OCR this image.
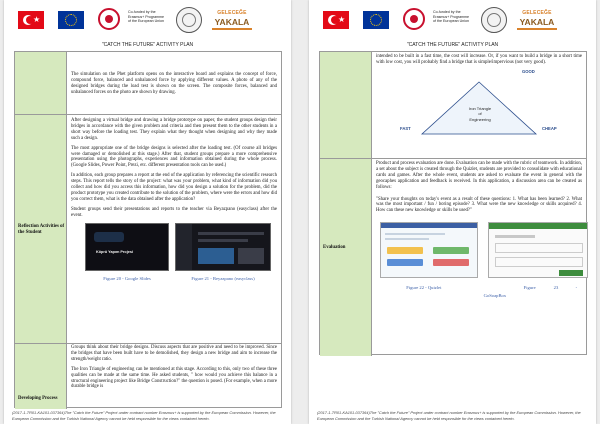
★
Co-funded by the Erasmus+ Programme of the European Union
GELECEĞE
YAKALA
"CATCH THE FUTURE" ACTIVITY PLAN

The simulation on the Phet platform opens on the interactive board and explains the concept of force, compound force, balanced and unbalanced force by applying different values. A photo of any of the designed bridges during the load test is shown on the screen. The composite forces, balanced and unbalanced forces on the photo are shown by drawing.

Reflection Activities of the Student

After designing a virtual bridge and drawing a bridge prototype on paper, the student groups design their bridges in accordance with the given problem and criteria and then present them to the other students in a short way before the loading test. They explain what they thought when designing and why they made such a design.

The most appropriate one of the bridge designs is selected after the loading test. (Of course all bridges were damaged or demolished at this stage.) After that, student groups prepare a more comprehensive presentation using the photographs, experiences and information obtained during the whole process. (Google Slides, Power Point, Prezi, etc. different presentation tools can be used.)

In addition, each group prepares a report at the end of the application by referencing the scientific research steps. This report tells the story of the project: what was your problem, what kind of information did you collect and how did you access this information, how did you design a solution for the problem, did the product prototype you created contribute to the solution of the problem, where were the errors and how did you correct them, what is the data obtained after the application?

Student groups send their presentations and reports to the teacher via Beyazpano (easyclass) after the event.

Köprü Yapım Projesi
Figure 20 - Google Slides	Figure 21 - Beyazpano (easyclass)
Developing Process

Groups think about their bridge designs. Discuss aspects that are positive and need to be improved. Since the bridges that have been built have to be demolished, they design a new bridge and aim to increase the strength/weight ratio.

The Iron Triangle of engineering can be mentioned at this stage. According to this, only two of these three qualities can be made at the same time. He asked students, " how would you achieve this balance in a structural engineering project like Bridge Construction?" the question is posed. (For example, when a more durable bridge is

(2017-1-TR01-KA101-037364)The "Catch the Future" Project under contract number Erasmus+ is supported by the European Commission. However, the European Commission and the Turkish National Agency cannot be held responsible for the views contained herein.
★
Co-funded by the Erasmus+ Programme of the European Union
GELECEĞE
YAKALA
"CATCH THE FUTURE" ACTIVITY PLAN

intended to be built in a fast time, the cost will increase. Or, if you want to build a bridge in a short time with low cost, you will probably find a bridge that is simple/impervious (not very good).

GOOD
FAST	CHEAP
Iron Triangle
of
Engineering
Evaluation

Product and process evaluation are done. Evaluation can be made with the rubric of teamwork. In addition, a set about the subject is created through the Quizlet, students are provided to consolidate with educational cards and games. After the whole event, students are asked to evaluate the event in general with the geocaphes application and feedback is received. In this application, a discussion area can be created as follows:

"Share your thoughts on today's event as a result of these questions: 1. What has been learned? 2. What was the most important / fun / boring episode? 3. What were the new knowledge or skills acquired? 4. How can these new knowledge or skills be used?"

Figure 22 - Quizlet	Figure	23	-
GoSoapBox
(2017-1-TR01-KA101-037364)The "Catch the Future" Project under contract number Erasmus+ is supported by the European Commission. However, the European Commission and the Turkish National Agency cannot be held responsible for the views contained herein.
